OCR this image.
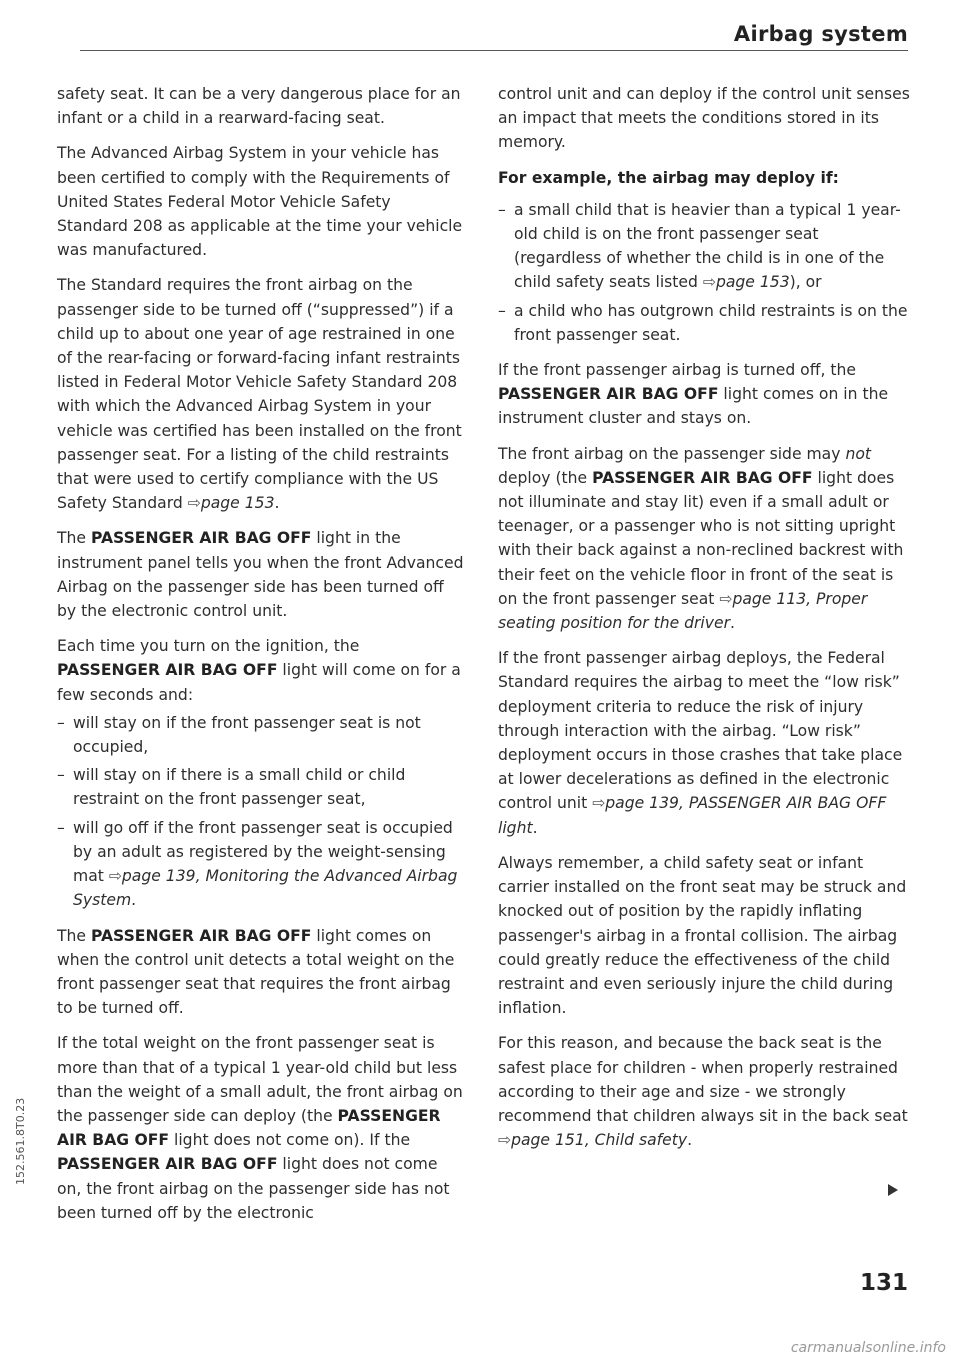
Airbag system

safety seat. It can be a very dangerous place for an infant or a child in a rearward-facing seat.

The Advanced Airbag System in your vehicle has been certified to comply with the Requirements of United States Federal Motor Vehicle Safety Standard 208 as applicable at the time your vehicle was manufactured.

The Standard requires the front airbag on the passenger side to be turned off (“suppressed”) if a child up to about one year of age restrained in one of the rear-facing or forward-facing infant restraints listed in Federal Motor Vehicle Safety Standard 208 with which the Advanced Airbag System in your vehicle was certified has been installed on the front passenger seat. For a listing of the child restraints that were used to certify compliance with the US Safety Standard ⇨page 153.

The PASSENGER AIR BAG OFF light in the instrument panel tells you when the front Advanced Airbag on the passenger side has been turned off by the electronic control unit.

Each time you turn on the ignition, the PASSENGER AIR BAG OFF light will come on for a few seconds and:

– will stay on if the front passenger seat is not occupied,
– will stay on if there is a small child or child restraint on the front passenger seat,
– will go off if the front passenger seat is occupied by an adult as registered by the weight-sensing mat ⇨page 139, Monitoring the Advanced Airbag System.

The PASSENGER AIR BAG OFF light comes on when the control unit detects a total weight on the front passenger seat that requires the front airbag to be turned off.

If the total weight on the front passenger seat is more than that of a typical 1 year-old child but less than the weight of a small adult, the front airbag on the passenger side can deploy (the PASSENGER AIR BAG OFF light does not come on). If the PASSENGER AIR BAG OFF light does not come on, the front airbag on the passenger side has not been turned off by the electronic

control unit and can deploy if the control unit senses an impact that meets the conditions stored in its memory.

For example, the airbag may deploy if:

– a small child that is heavier than a typical 1 year-old child is on the front passenger seat (regardless of whether the child is in one of the child safety seats listed ⇨page 153), or
– a child who has outgrown child restraints is on the front passenger seat.

If the front passenger airbag is turned off, the PASSENGER AIR BAG OFF light comes on in the instrument cluster and stays on.

The front airbag on the passenger side may not deploy (the PASSENGER AIR BAG OFF light does not illuminate and stay lit) even if a small adult or teenager, or a passenger who is not sitting upright with their back against a non-reclined backrest with their feet on the vehicle floor in front of the seat is on the front passenger seat ⇨page 113, Proper seating position for the driver.

If the front passenger airbag deploys, the Federal Standard requires the airbag to meet the “low risk” deployment criteria to reduce the risk of injury through interaction with the airbag. “Low risk” deployment occurs in those crashes that take place at lower decelerations as defined in the electronic control unit ⇨page 139, PASSENGER AIR BAG OFF light.

Always remember, a child safety seat or infant carrier installed on the front seat may be struck and knocked out of position by the rapidly inflating passenger's airbag in a frontal collision. The airbag could greatly reduce the effectiveness of the child restraint and even seriously injure the child during inflation.

For this reason, and because the back seat is the safest place for children - when properly restrained according to their age and size - we strongly recommend that children always sit in the back seat ⇨page 151, Child safety.

131
152.561.8T0.23
carmanualsonline.info
